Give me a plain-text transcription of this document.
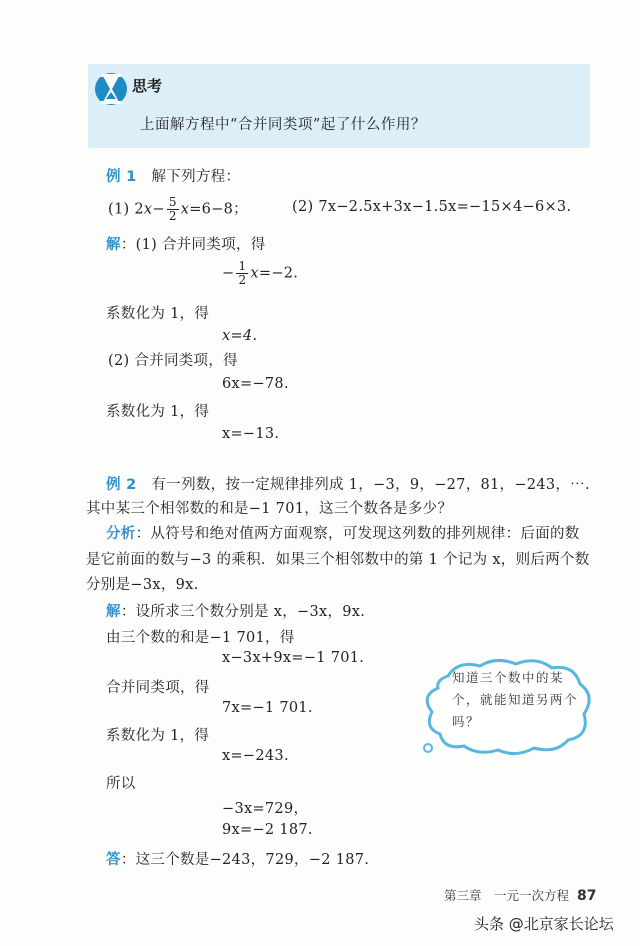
思考
上面解方程中“合并同类项”起了什么作用？
例 1 解下列方程：
(1) $2x- \frac{5}{2} x=6-8$；	(2) 7x−2.5x+3x−1.5x=−15×4−6×3.
解：(1) 合并同类项，得
− $\frac{1}{2} x=-2$.
系数化为 1，得
x=4.
(2) 合并同类项，得
6x=−78.
系数化为 1，得
x=−13.
例 2 有一列数，按一定规律排列成 1，−3，9，−27，81，−243，⋯.
其中某三个相邻数的和是−1 701，这三个数各是多少？
分析：从符号和绝对值两方面观察，可发现这列数的排列规律：后面的数
是它前面的数与−3 的乘积．如果三个相邻数中的第 1 个记为 x，则后两个数
分别是−3x，9x.
解：设所求三个数分别是 x，−3x，9x.
由三个数的和是−1 701，得
x−3x+9x=−1 701.
合并同类项，得
7x=−1 701.
系数化为 1，得
x=−243.
所以
−3x=729，
9x=−2 187.
答：这三个数是−243，729，−2 187.
知道三个数中的某个，就能知道另两个吗？
第三章　一元一次方程 87
头条 @北京家长论坛
